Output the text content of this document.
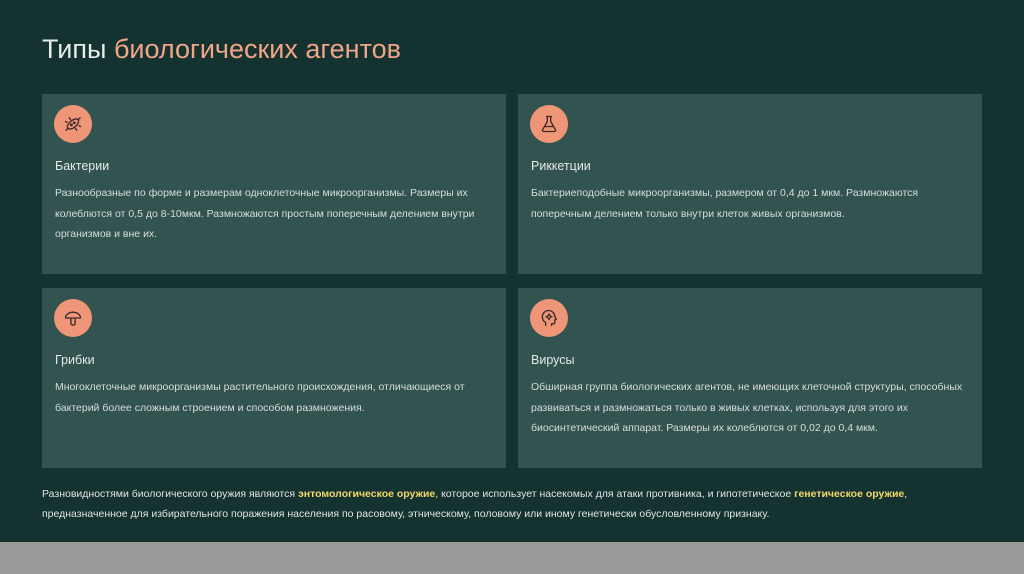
Типы биологических агентов
Бактерии
Разнообразные по форме и размерам одноклеточные микроорганизмы. Размеры их колеблются от 0,5 до 8-10мкм. Размножаются простым поперечным делением внутри организмов и вне их.
Риккетции
Бактериеподобные микроорганизмы, размером от 0,4 до 1 мкм. Размножаются поперечным делением только внутри клеток живых организмов.
Грибки
Многоклеточные микроорганизмы растительного происхождения, отличающиеся от бактерий более сложным строением и способом размножения.
Вирусы
Обширная группа биологических агентов, не имеющих клеточной структуры, способных развиваться и размножаться только в живых клетках, используя для этого их биосинтетический аппарат. Размеры их колеблются от 0,02 до 0,4 мкм.
Разновидностями биологического оружия являются энтомологическое оружие, которое использует насекомых для атаки противника, и гипотетическое генетическое оружие, предназначенное для избирательного поражения населения по расовому, этническому, половому или иному генетически обусловленному признаку.
